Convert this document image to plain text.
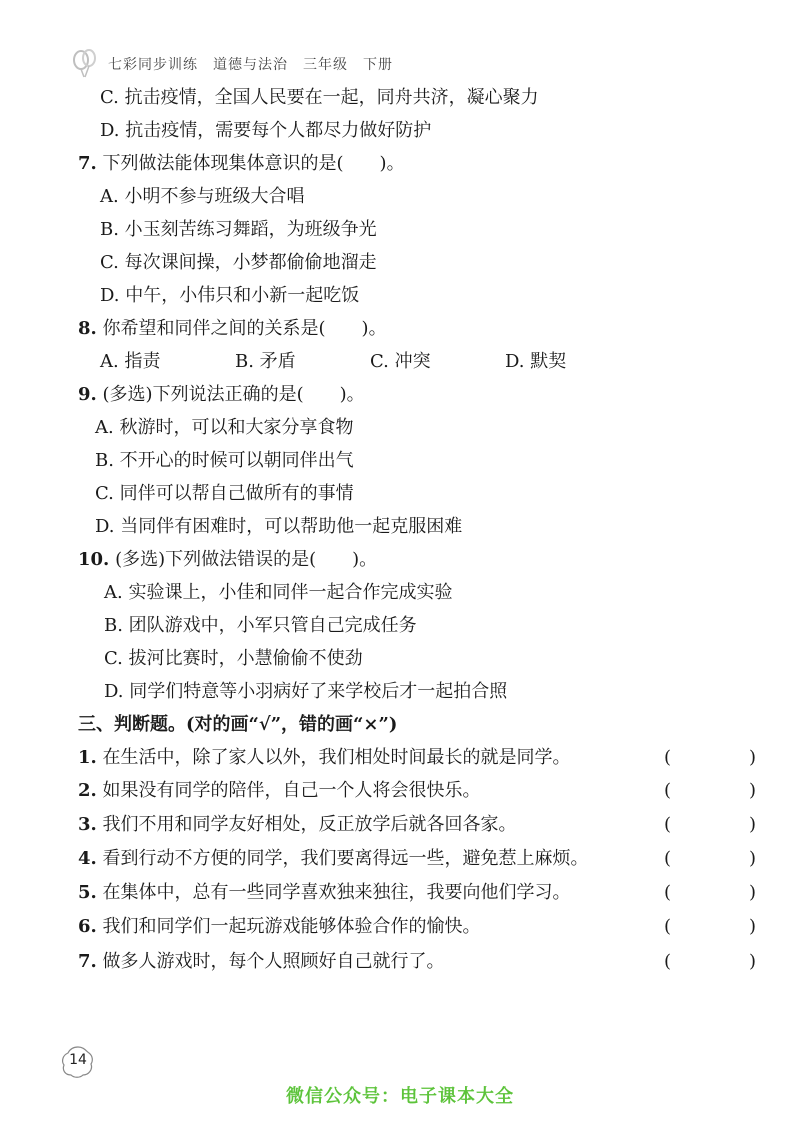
七彩同步训练　道德与法治　三年级　下册
C. 抗击疫情，全国人民要在一起，同舟共济，凝心聚力
D. 抗击疫情，需要每个人都尽力做好防护
7. 下列做法能体现集体意识的是(　　)。
A. 小明不参与班级大合唱
B. 小玉刻苦练习舞蹈，为班级争光
C. 每次课间操，小梦都偷偷地溜走
D. 中午，小伟只和小新一起吃饭
8. 你希望和同伴之间的关系是(　　)。
A. 指责	B. 矛盾	C. 冲突	D. 默契
9. (多选)下列说法正确的是(　　)。
A. 秋游时，可以和大家分享食物
B. 不开心的时候可以朝同伴出气
C. 同伴可以帮自己做所有的事情
D. 当同伴有困难时，可以帮助他一起克服困难
10. (多选)下列做法错误的是(　　)。
A. 实验课上，小佳和同伴一起合作完成实验
B. 团队游戏中，小军只管自己完成任务
C. 拔河比赛时，小慧偷偷不使劲
D. 同学们特意等小羽病好了来学校后才一起拍合照
三、判断题。(对的画“√”，错的画“×”)
1. 在生活中，除了家人以外，我们相处时间最长的就是同学。	(　)
2. 如果没有同学的陪伴，自己一个人将会很快乐。	(　)
3. 我们不用和同学友好相处，反正放学后就各回各家。	(　)
4. 看到行动不方便的同学，我们要离得远一些，避免惹上麻烦。	(　)
5. 在集体中，总有一些同学喜欢独来独往，我要向他们学习。	(　)
6. 我们和同学们一起玩游戏能够体验合作的愉快。	(　)
7. 做多人游戏时，每个人照顾好自己就行了。	(　)
14
微信公众号：电子课本大全
